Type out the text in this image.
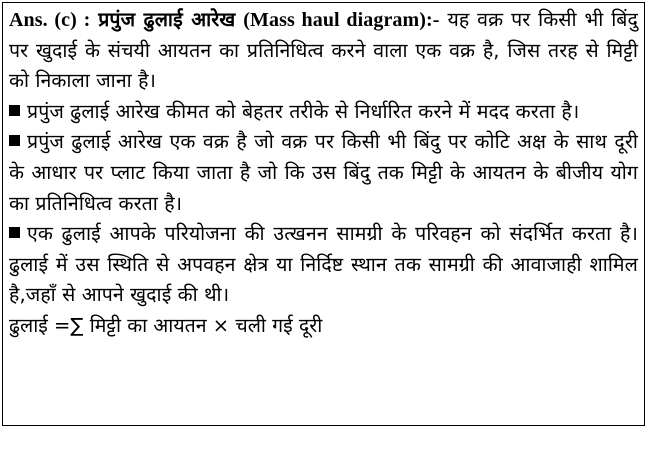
Ans. (c) : प्रपुंज ढुलाई आरेख (Mass haul diagram):- यह वक्र पर किसी भी बिंदु पर खुदाई के संचयी आयतन का प्रतिनिधित्व करने वाला एक वक्र है, जिस तरह से मिट्टी को निकाला जाना है।

प्रपुंज ढुलाई आरेख कीमत को बेहतर तरीके से निर्धारित करने में मदद करता है।

प्रपुंज ढुलाई आरेख एक वक्र है जो वक्र पर किसी भी बिंदु पर कोटि अक्ष के साथ दूरी के आधार पर प्लाट किया जाता है जो कि उस बिंदु तक मिट्टी के आयतन के बीजीय योग का प्रतिनिधित्व करता है।

एक ढुलाई आपके परियोजना की उत्खनन सामग्री के परिवहन को संदर्भित करता है। ढुलाई में उस स्थिति से अपवहन क्षेत्र या निर्दिष्ट स्थान तक सामग्री की आवाजाही शामिल है,जहाँ से आपने खुदाई की थी।

ढुलाई =∑ मिट्टी का आयतन × चली गई दूरी
